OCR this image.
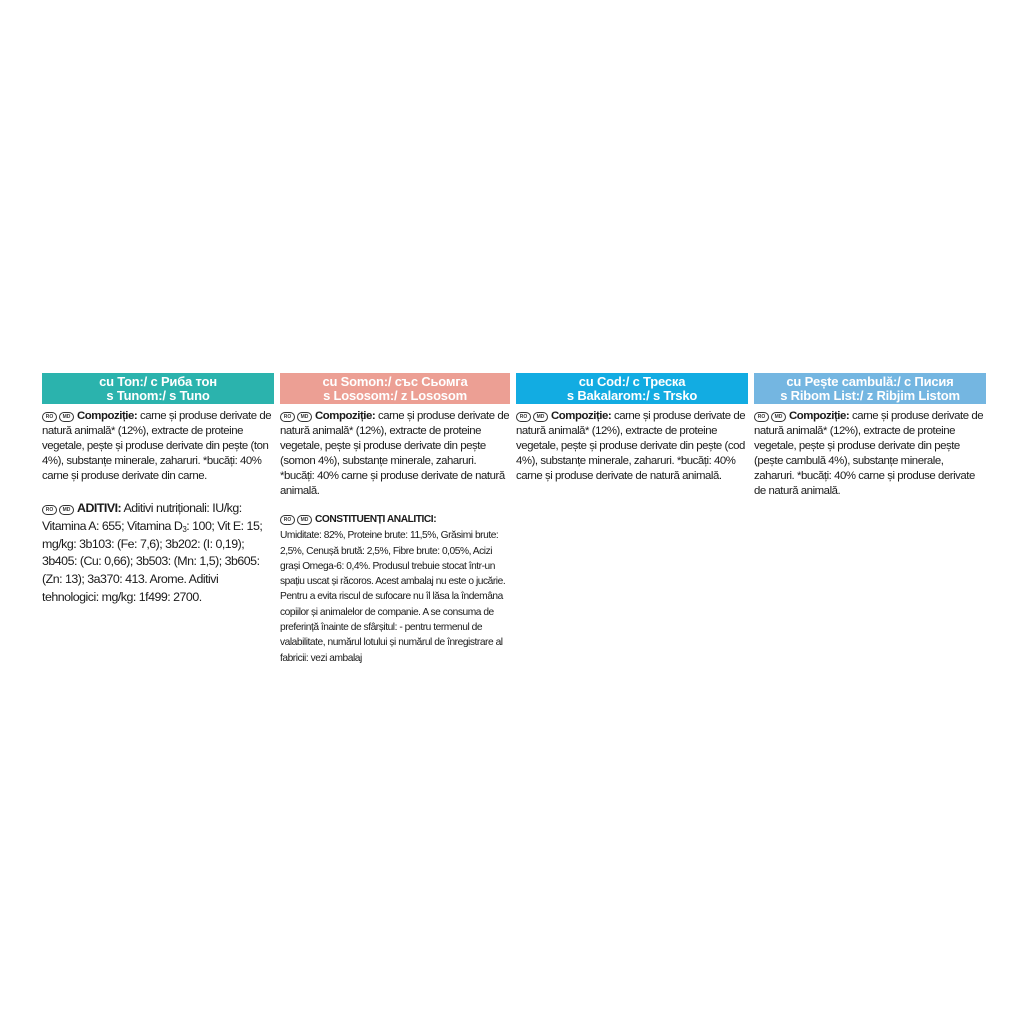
cu Ton:/ с Риба тон
s Tunom:/ s Tuno
RO	MD Compoziție: carne și produse derivate de natură animală* (12%), extracte de proteine vegetale, pește și produse derivate din pește (ton 4%), substanțe minerale, zaharuri. *bucăți: 40% carne și produse derivate din carne.
RO	MD ADITIVI: Aditivi nutriționali: IU/kg: Vitamina A: 655; Vitamina $D_3$: 100; Vit E: 15; mg/kg: 3b103: (Fe: 7,6); 3b202: (I: 0,19); 3b405: (Cu: 0,66); 3b503: (Mn: 1,5); 3b605: (Zn: 13); 3a370: 413. Arome. Aditivi tehnologici: mg/kg: 1f499: 2700.
cu Somon:/ със Сьомга
s Lososom:/ z Lososom
RO	MD Compoziție: carne și produse derivate de natură animală* (12%), extracte de proteine vegetale, pește și produse derivate din pește (somon 4%), substanțe minerale, zaharuri. *bucăți: 40% carne și produse derivate de natură animală.
RO	MD CONSTITUENȚI ANALITICI:
Umiditate: 82%, Proteine brute: 11,5%, Grăsimi brute: 2,5%, Cenușă brută: 2,5%, Fibre brute: 0,05%, Acizi grași Omega-6: 0,4%. Produsul trebuie stocat într-un spațiu uscat și răcoros. Acest ambalaj nu este o jucărie. Pentru a evita riscul de sufocare nu îl lăsa la îndemâna copiilor și animalelor de companie. A se consuma de preferință înainte de sfârșitul: - pentru termenul de valabilitate, numărul lotului și numărul de înregistrare al fabricii: vezi ambalaj
cu Cod:/ с Треска
s Bakalarom:/ s Trsko
RO	MD Compoziție: carne și produse derivate de natură animală* (12%), extracte de proteine vegetale, pește și produse derivate din pește (cod 4%), substanțe minerale, zaharuri. *bucăți: 40% carne și produse derivate de natură animală.
cu Pește cambulă:/ с Писия
s Ribom List:/ z Ribjim Listom
RO	MD Compoziție: carne și produse derivate de natură animală* (12%), extracte de proteine vegetale, pește și produse derivate din pește (pește cambulă 4%), substanțe minerale, zaharuri. *bucăți: 40% carne și produse derivate de natură animală.
